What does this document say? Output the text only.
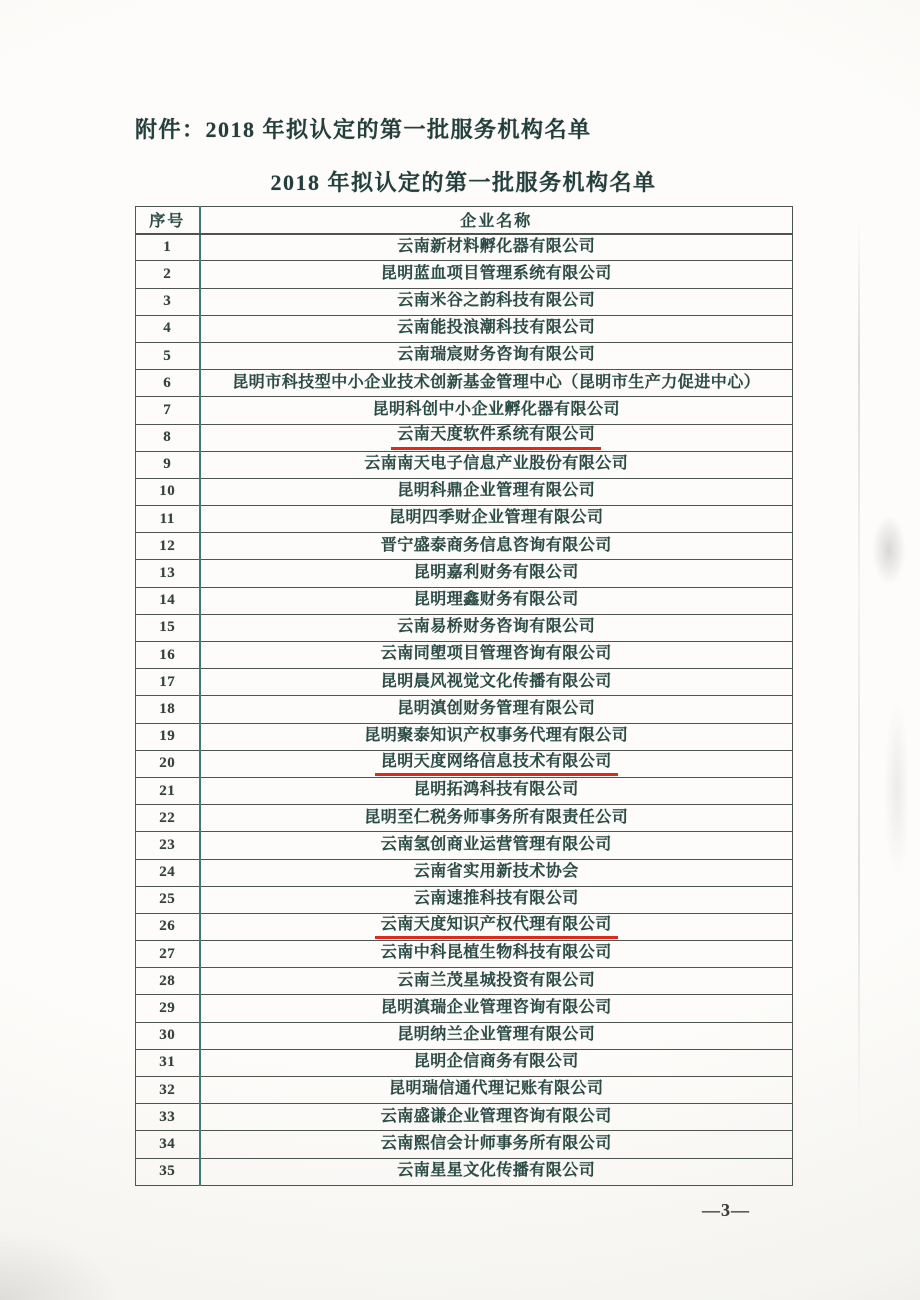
附件：2018 年拟认定的第一批服务机构名单
2018 年拟认定的第一批服务机构名单
序号	企业名称
1	云南新材料孵化器有限公司
2	昆明蓝血项目管理系统有限公司
3	云南米谷之韵科技有限公司
4	云南能投浪潮科技有限公司
5	云南瑞宸财务咨询有限公司
6	昆明市科技型中小企业技术创新基金管理中心（昆明市生产力促进中心）
7	昆明科创中小企业孵化器有限公司
8	云南天度软件系统有限公司
9	云南南天电子信息产业股份有限公司
10	昆明科鼎企业管理有限公司
11	昆明四季财企业管理有限公司
12	晋宁盛泰商务信息咨询有限公司
13	昆明嘉利财务有限公司
14	昆明理鑫财务有限公司
15	云南易桥财务咨询有限公司
16	云南同塱项目管理咨询有限公司
17	昆明晨风视觉文化传播有限公司
18	昆明滇创财务管理有限公司
19	昆明聚泰知识产权事务代理有限公司
20	昆明天度网络信息技术有限公司
21	昆明拓鸿科技有限公司
22	昆明至仁税务师事务所有限责任公司
23	云南氢创商业运营管理有限公司
24	云南省实用新技术协会
25	云南速推科技有限公司
26	云南天度知识产权代理有限公司
27	云南中科昆植生物科技有限公司
28	云南兰茂星城投资有限公司
29	昆明滇瑞企业管理咨询有限公司
30	昆明纳兰企业管理有限公司
31	昆明企信商务有限公司
32	昆明瑞信通代理记账有限公司
33	云南盛谦企业管理咨询有限公司
34	云南熙信会计师事务所有限公司
35	云南星星文化传播有限公司
—3—
